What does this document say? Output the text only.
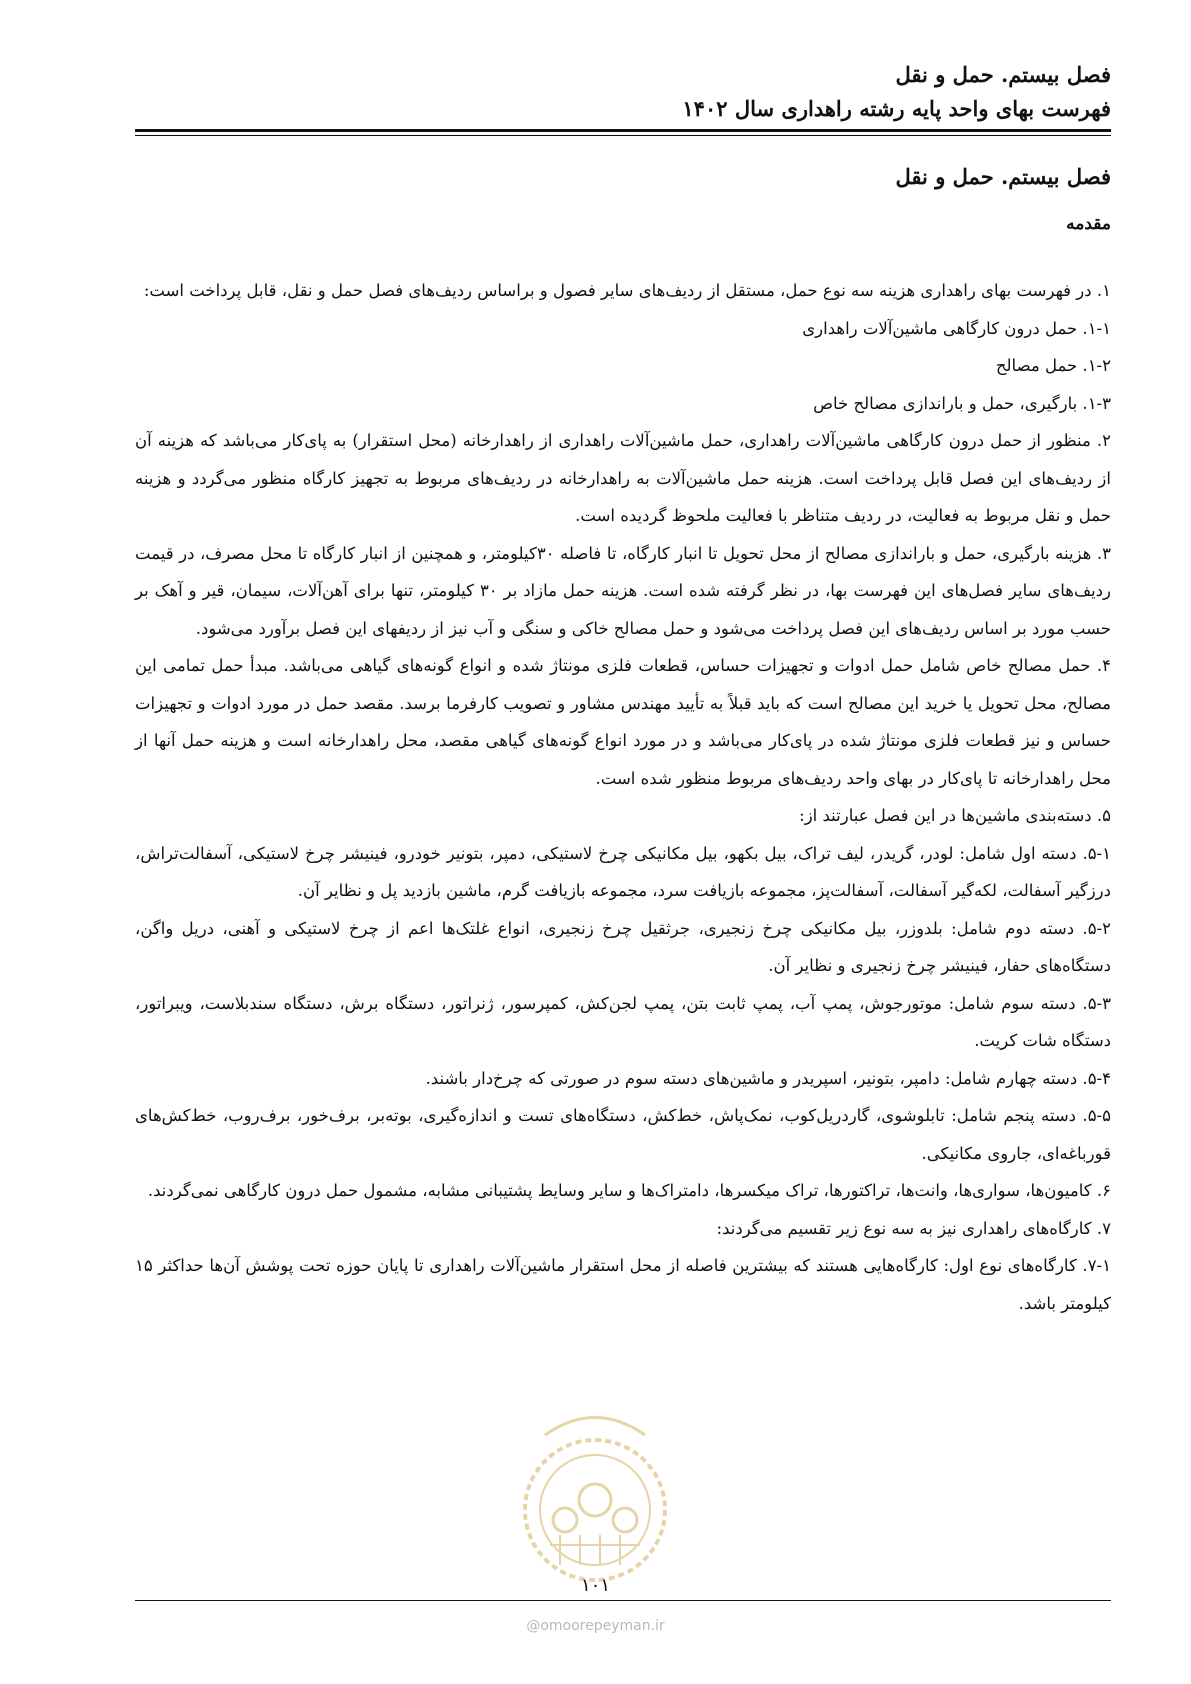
فصل بیستم. حمل و نقل
فهرست بهای واحد پایه رشته راهداری سال ۱۴۰۲
فصل بیستم. حمل و نقل
مقدمه

۱. در فهرست بهای راهداری هزینه سه نوع حمل، مستقل از ردیف‌های سایر فصول و براساس ردیف‌های فصل حمل و نقل، قابل پرداخت است:

۱-۱. حمل درون کارگاهی ماشین‌آلات راهداری

۱-۲. حمل مصالح

۱-۳. بارگیری، حمل و باراندازی مصالح خاص

۲. منظور از حمل درون کارگاهی ماشین‌آلات راهداری، حمل ماشین‌آلات راهداری از راهدارخانه (محل استقرار) به پای‌کار می‌باشد که هزینه آن از ردیف‌های این فصل قابل پرداخت است. هزینه حمل ماشین‌آلات به راهدارخانه در ردیف‌های مربوط به تجهیز کارگاه منظور می‌گردد و هزینه حمل و نقل مربوط به فعالیت، در ردیف متناظر با فعالیت ملحوظ گردیده است.

۳. هزینه بارگیری، حمل و باراندازی مصالح از محل تحویل تا انبار کارگاه، تا فاصله ۳۰کیلومتر، و همچنین از انبار کارگاه تا محل مصرف، در قیمت ردیف‌های سایر فصل‌های این فهرست بها، در نظر گرفته شده است. هزینه حمل مازاد بر ۳۰ کیلومتر، تنها برای آهن‌آلات، سیمان، قیر و آهک بر حسب مورد بر اساس ردیف‌های این فصل پرداخت می‌شود و حمل مصالح خاکی و سنگی و آب نیز از ردیفهای این فصل برآورد می‌شود.

۴. حمل مصالح خاص شامل حمل ادوات و تجهیزات حساس، قطعات فلزی مونتاژ شده و انواع گونه‌های گیاهی می‌باشد. مبدأ حمل تمامی این مصالح، محل تحویل یا خرید این مصالح است که باید قبلاً به تأیید مهندس مشاور و تصویب کارفرما برسد. مقصد حمل در مورد ادوات و تجهیزات حساس و نیز قطعات فلزی مونتاژ شده در پای‌کار می‌باشد و در مورد انواع گونه‌های گیاهی مقصد، محل راهدارخانه است و هزینه حمل آنها از محل راهدارخانه تا پای‌کار در بهای واحد ردیف‌های مربوط منظور شده است.

۵. دسته‌بندی ماشین‌ها در این فصل عبارتند از:

۵-۱. دسته اول شامل: لودر، گریدر، لیف تراک، بیل بکهو، بیل مکانیکی چرخ لاستیکی، دمپر، بتونیر خودرو، فینیشر چرخ لاستیکی، آسفالت‌تراش، درزگیر آسفالت، لکه‌گیر آسفالت، آسفالت‌پز، مجموعه بازیافت سرد، مجموعه بازیافت گرم، ماشین بازدید پل و نظایر آن.

۵-۲. دسته دوم شامل: بلدوزر، بیل مکانیکی چرخ زنجیری، جرثقیل چرخ زنجیری، انواع غلتک‌ها اعم از چرخ لاستیکی و آهنی، دریل واگن، دستگاه‌های حفار، فینیشر چرخ زنجیری و نظایر آن.

۵-۳. دسته سوم شامل: موتورجوش، پمپ آب، پمپ ثابت بتن، پمپ لجن‌کش، کمپرسور، ژنراتور، دستگاه برش، دستگاه سندبلاست، ویبراتور، دستگاه شات کریت.

۵-۴. دسته چهارم شامل: دامپر، بتونیر، اسپریدر و ماشین‌های دسته سوم در صورتی که چرخ‌دار باشند.

۵-۵. دسته پنجم شامل: تابلوشوی، گاردریل‌کوب، نمک‌پاش، خط‌کش، دستگاه‌های تست و اندازه‌گیری، بوته‌بر، برف‌خور، برف‌روب، خط‌کش‌های قورباغه‌ای، جاروی مکانیکی.

۶. کامیون‌ها، سواری‌ها، وانت‌ها، تراکتورها، تراک میکسرها، دامتراک‌ها و سایر وسایط پشتیبانی مشابه، مشمول حمل درون کارگاهی نمی‌گردند.

۷. کارگاه‌های راهداری نیز به سه نوع زیر تقسیم می‌گردند:

۷-۱. کارگاه‌های نوع اول: کارگاه‌هایی هستند که بیشترین فاصله از محل استقرار ماشین‌آلات راهداری تا پایان حوزه تحت پوشش آن‌ها حداکثر ۱۵ کیلومتر باشد.

۱۰۱
@omoorepeyman.ir
